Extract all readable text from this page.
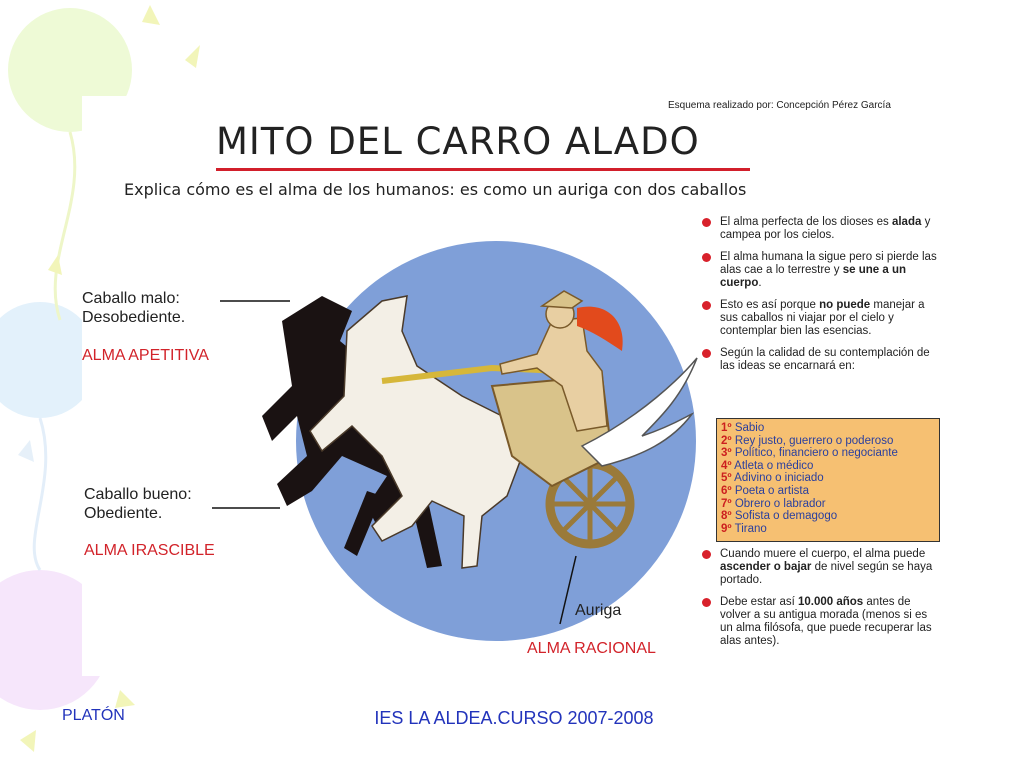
Esquema realizado por: Concepción Pérez García
MITO DEL CARRO ALADO
Explica cómo es el alma de los humanos: es como un auriga con dos caballos
Caballo malo:
Desobediente.
ALMA APETITIVA
Caballo bueno:
Obediente.
ALMA IRASCIBLE
Auriga
ALMA RACIONAL
El alma perfecta de los dioses es alada y campea por los cielos.
El alma humana la sigue pero si pierde las alas cae a lo terrestre y se une a un cuerpo.
Esto es así porque no puede manejar a sus caballos ni viajar por el cielo y contemplar bien las esencias.
Según la calidad de su contemplación de las ideas se encarnará en:
1º Sabio
2º Rey justo, guerrero o poderoso
3º Político, financiero o negociante
4º Atleta o médico
5º Adivino o iniciado
6º Poeta o artista
7º Obrero o labrador
8º Sofista o demagogo
9º Tirano
Cuando muere el cuerpo, el alma puede ascender o bajar de nivel según se haya portado.
Debe estar así 10.000 años antes de volver a su antigua morada (menos si es un alma filósofa, que puede recuperar las alas antes).
PLATÓN	IES LA ALDEA.CURSO 2007-2008
